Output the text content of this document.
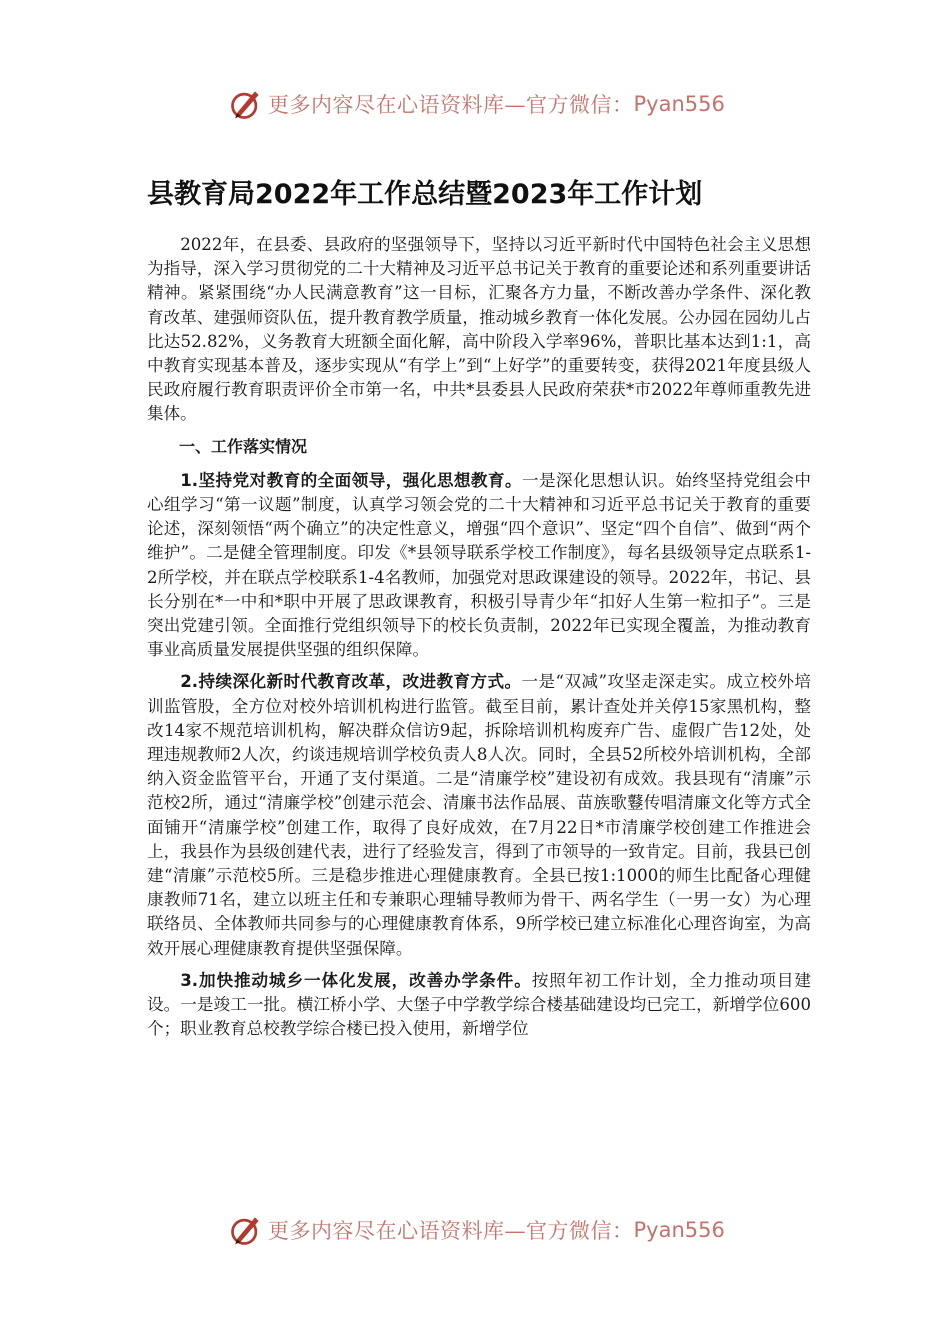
更多内容尽在心语资料库—官方微信： Pyan556
县教育局2022年工作总结暨2023年工作计划

2022年，在县委、县政府的坚强领导下，坚持以习近平新时代中国特色社会主义思想为指导，深入学习贯彻党的二十大精神及习近平总书记关于教育的重要论述和系列重要讲话精神。紧紧围绕“办人民满意教育”这一目标，汇聚各方力量，不断改善办学条件、深化教育改革、建强师资队伍，提升教育教学质量，推动城乡教育一体化发展。公办园在园幼儿占比达52.82%，义务教育大班额全面化解，高中阶段入学率96%，普职比基本达到1:1，高中教育实现基本普及，逐步实现从“有学上”到“上好学”的重要转变，获得2021年度县级人民政府履行教育职责评价全市第一名，中共*县委县人民政府荣获*市2022年尊师重教先进集体。

一、工作落实情况

1.坚持党对教育的全面领导，强化思想教育。一是深化思想认识。始终坚持党组会中心组学习“第一议题”制度，认真学习领会党的二十大精神和习近平总书记关于教育的重要论述，深刻领悟“两个确立”的决定性意义，增强“四个意识”、坚定“四个自信”、做到“两个维护”。二是健全管理制度。印发《*县领导联系学校工作制度》，每名县级领导定点联系1-2所学校，并在联点学校联系1-4名教师，加强党对思政课建设的领导。2022年，书记、县长分别在*一中和*职中开展了思政课教育，积极引导青少年“扣好人生第一粒扣子”。三是突出党建引领。全面推行党组织领导下的校长负责制，2022年已实现全覆盖，为推动教育事业高质量发展提供坚强的组织保障。

2.持续深化新时代教育改革，改进教育方式。一是“双减”攻坚走深走实。成立校外培训监管股，全方位对校外培训机构进行监管。截至目前，累计查处并关停15家黑机构，整改14家不规范培训机构，解决群众信访9起，拆除培训机构废弃广告、虚假广告12处，处理违规教师2人次，约谈违规培训学校负责人8人次。同时，全县52所校外培训机构，全部纳入资金监管平台，开通了支付渠道。二是“清廉学校”建设初有成效。我县现有“清廉”示范校2所，通过“清廉学校”创建示范会、清廉书法作品展、苗族歌鼟传唱清廉文化等方式全面铺开“清廉学校”创建工作，取得了良好成效，在7月22日*市清廉学校创建工作推进会上，我县作为县级创建代表，进行了经验发言，得到了市领导的一致肯定。目前，我县已创建“清廉”示范校5所。三是稳步推进心理健康教育。全县已按1:1000的师生比配备心理健康教师71名，建立以班主任和专兼职心理辅导教师为骨干、两名学生（一男一女）为心理联络员、全体教师共同参与的心理健康教育体系，9所学校已建立标准化心理咨询室，为高效开展心理健康教育提供坚强保障。

3.加快推动城乡一体化发展，改善办学条件。按照年初工作计划，全力推动项目建设。一是竣工一批。横江桥小学、大堡子中学教学综合楼基础建设均已完工，新增学位600个；职业教育总校教学综合楼已投入使用，新增学位

更多内容尽在心语资料库—官方微信： Pyan556
